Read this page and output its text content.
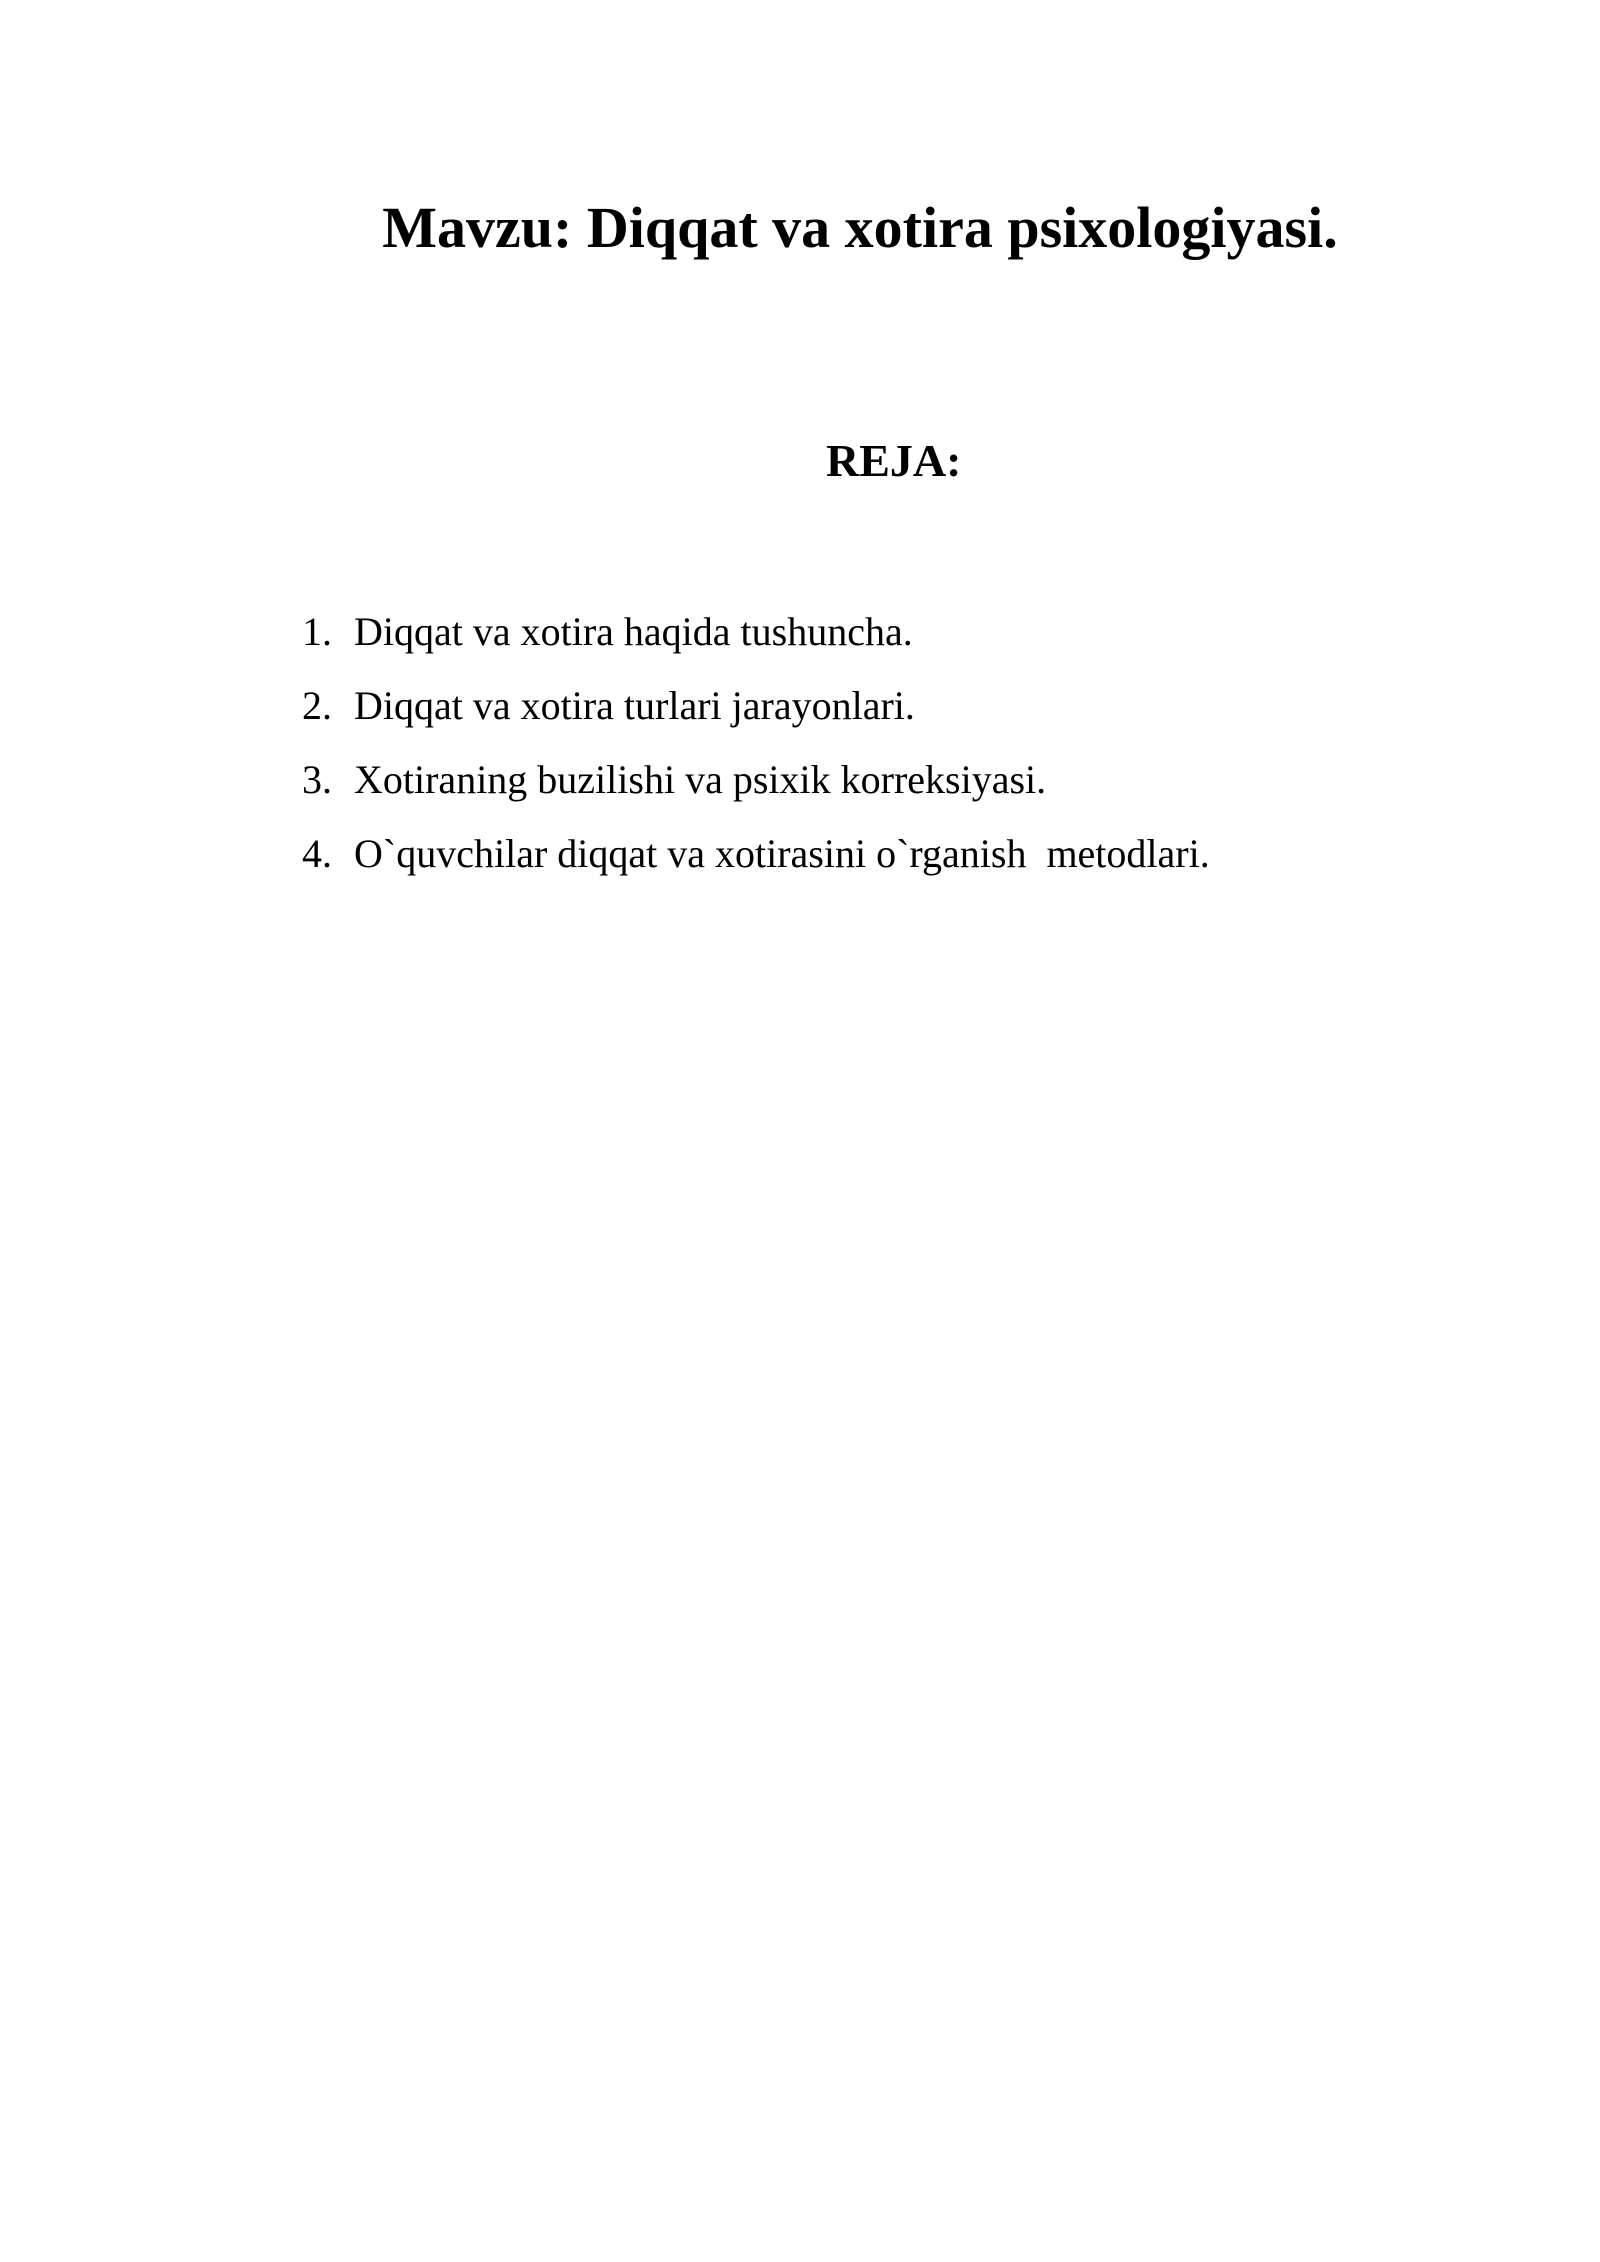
Mavzu: Diqqat va xotira psixologiyasi.
REJA:
1. Diqqat va xotira haqida tushuncha.
2. Diqqat va xotira turlari jarayonlari.
3. Xotiraning buzilishi va psixik korreksiyasi.
4. O`quvchilar diqqat va xotirasini o`rganish  metodlari.
